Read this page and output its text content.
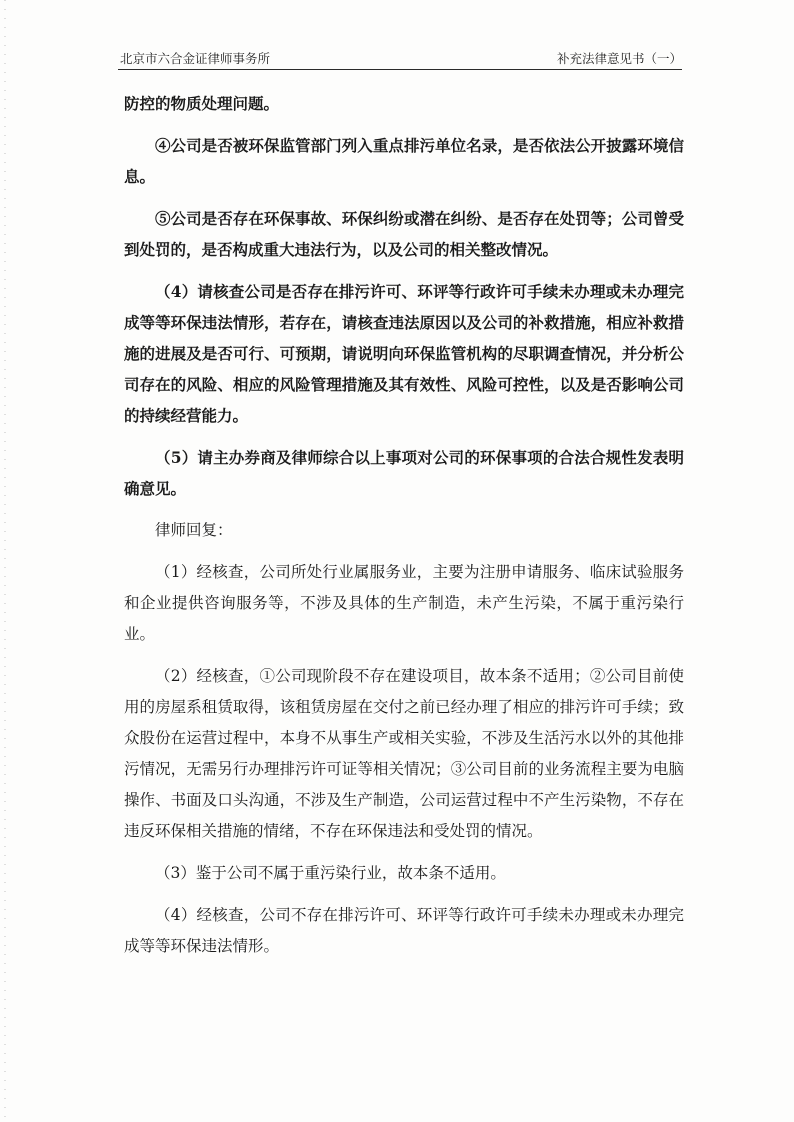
北京市六合金证律师事务所	补充法律意见书（一）

防控的物质处理问题。

④公司是否被环保监管部门列入重点排污单位名录，是否依法公开披露环境信息。

⑤公司是否存在环保事故、环保纠纷或潜在纠纷、是否存在处罚等；公司曾受到处罚的，是否构成重大违法行为，以及公司的相关整改情况。

（4）请核查公司是否存在排污许可、环评等行政许可手续未办理或未办理完成等等环保违法情形，若存在，请核查违法原因以及公司的补救措施，相应补救措施的进展及是否可行、可预期，请说明向环保监管机构的尽职调查情况，并分析公司存在的风险、相应的风险管理措施及其有效性、风险可控性，以及是否影响公司的持续经营能力。

（5）请主办券商及律师综合以上事项对公司的环保事项的合法合规性发表明确意见。

律师回复：

（1）经核查，公司所处行业属服务业，主要为注册申请服务、临床试验服务和企业提供咨询服务等，不涉及具体的生产制造，未产生污染，不属于重污染行业。

（2）经核查，①公司现阶段不存在建设项目，故本条不适用；②公司目前使用的房屋系租赁取得，该租赁房屋在交付之前已经办理了相应的排污许可手续；致众股份在运营过程中，本身不从事生产或相关实验，不涉及生活污水以外的其他排污情况，无需另行办理排污许可证等相关情况；③公司目前的业务流程主要为电脑操作、书面及口头沟通，不涉及生产制造，公司运营过程中不产生污染物，不存在违反环保相关措施的情绪，不存在环保违法和受处罚的情况。

（3）鉴于公司不属于重污染行业，故本条不适用。

（4）经核查，公司不存在排污许可、环评等行政许可手续未办理或未办理完成等等环保违法情形。
